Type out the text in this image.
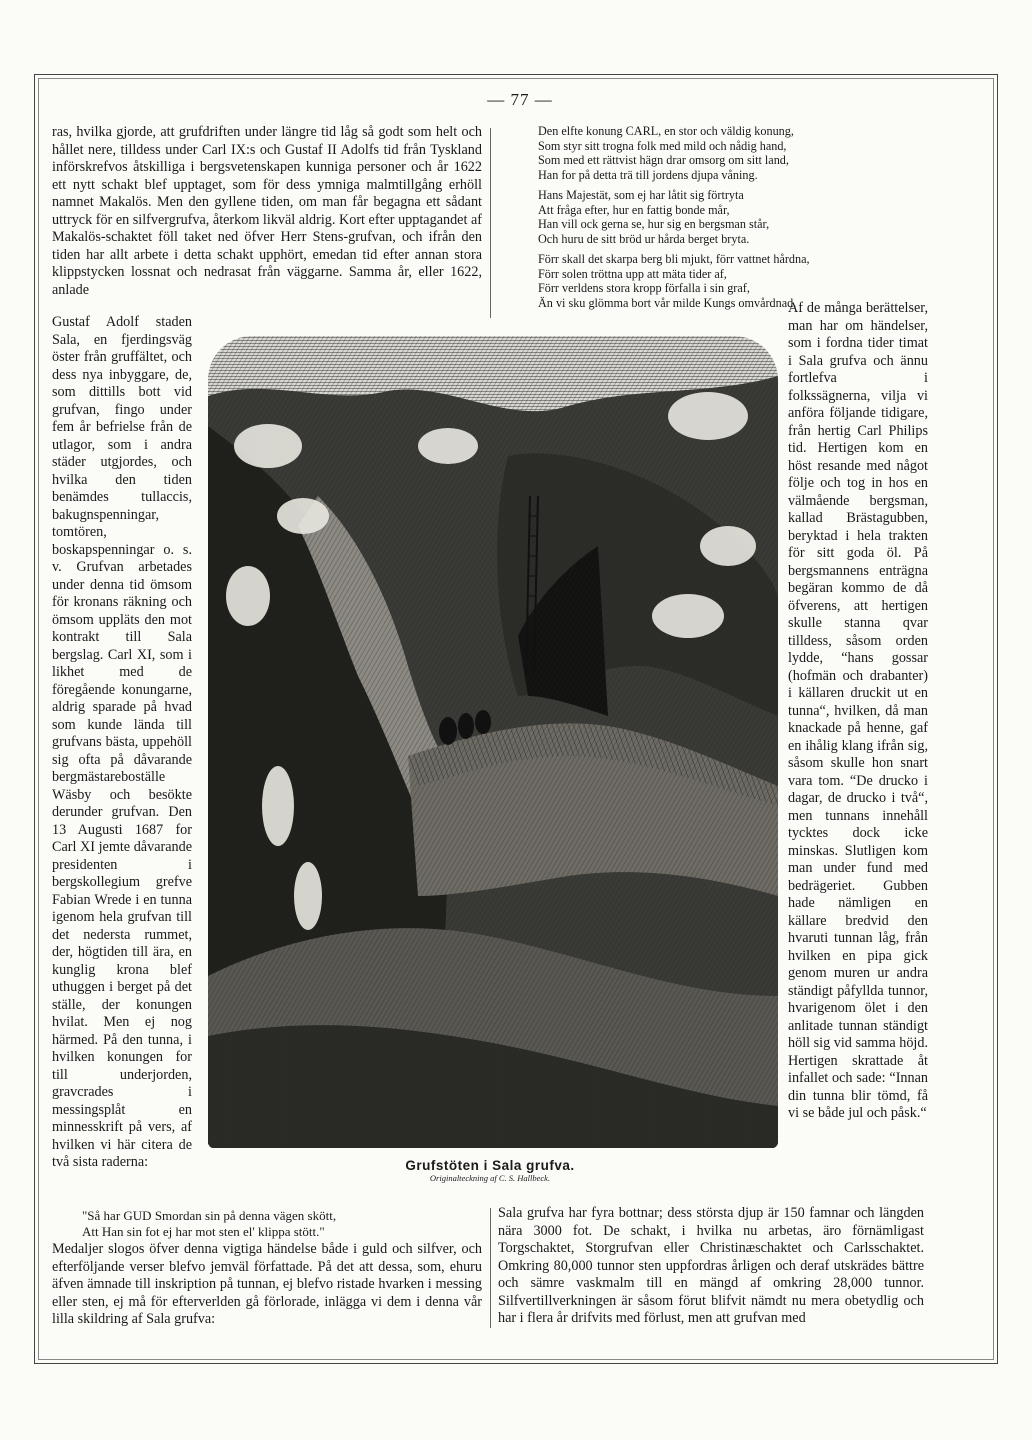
— 77 —
ras, hvilka gjorde, att grufdriften under längre tid låg så godt som helt och hållet nere, tilldess under Carl IX:s och Gustaf II Adolfs tid från Tyskland införskrefvos åtskilliga i bergsvetenskapen kunniga personer och år 1622 ett nytt schakt blef upptaget, som för dess ymniga malmtillgång erhöll namnet Makalös. Men den gyllene tiden, om man får begagna ett sådant uttryck för en silfvergrufva, återkom likväl aldrig. Kort efter upptagandet af Makalös-schaktet föll taket ned öfver Herr Stens-grufvan, och ifrån den tiden har allt arbete i detta schakt upphört, emedan tid efter annan stora klippstycken lossnat och nedrasat från väggarne. Samma år, eller 1622, anlade
Gustaf Adolf staden Sala, en fjerdingsväg öster från gruffältet, och dess nya inbyggare, de, som dittills bott vid grufvan, fingo under fem år befrielse från de utlagor, som i andra städer utgjordes, och hvilka den tiden benämdes tullaccis, bakugnspenningar, tomtören, boskapspenningar o. s. v. Grufvan arbetades under denna tid ömsom för kronans räkning och ömsom uppläts den mot kontrakt till Sala bergslag. Carl XI, som i likhet med de föregående konungarne, aldrig sparade på hvad som kunde lända till grufvans bästa, uppehöll sig ofta på dåvarande bergmästareboställe Wäsby och besökte derunder grufvan. Den 13 Augusti 1687 for Carl XI jemte dåvarande presidenten i bergskollegium grefve Fabian Wrede i en tunna igenom hela grufvan till det nedersta rummet, der, högtiden till ära, en kunglig krona blef uthuggen i berget på det ställe, der konungen hvilat. Men ej nog härmed. På den tunna, i hvilken konungen for till underjorden, gravcrades i messingsplåt en minnesskrift på vers, af hvilken vi här citera de två sista raderna:
Den elfte konung CARL, en stor och väldig konung,
Som styr sitt trogna folk med mild och nådig hand,
Som med ett rättvist hägn drar omsorg om sitt land,
Han for på detta trä till jordens djupa våning.
Hans Majestät, som ej har låtit sig förtryta
Att fråga efter, hur en fattig bonde mår,
Han vill ock gerna se, hur sig en bergsman står,
Och huru de sitt bröd ur hårda berget bryta.
Förr skall det skarpa berg bli mjukt, förr vattnet hårdna,
Förr solen tröttna upp att mäta tider af,
Förr verldens stora kropp förfalla i sin graf,
Än vi sku glömma bort vår milde Kungs omvårdnad.
Af de många berättelser, man har om händelser, som i fordna tider timat i Sala grufva och ännu fortlefva i folkssägnerna, vilja vi anföra följande tidigare, från hertig Carl Philips tid. Hertigen kom en höst resande med något följe och tog in hos en välmående bergsman, kallad Brästagubben, beryktad i hela trakten för sitt goda öl. På bergsmannens enträgna begäran kommo de då öfverens, att hertigen skulle stanna qvar tilldess, såsom orden lydde, “hans gossar (hofmän och drabanter) i källaren druckit ut en tunna“, hvilken, då man knackade på henne, gaf en ihålig klang ifrån sig, såsom skulle hon snart vara tom. “De drucko i dagar, de drucko i två“, men tunnans innehåll tycktes dock icke minskas. Slutligen kom man under fund med bedrägeriet. Gubben hade nämligen en källare bredvid den hvaruti tunnan låg, från hvilken en pipa gick genom muren ur andra ständigt påfyllda tunnor, hvarigenom ölet i den anlitade tunnan ständigt höll sig vid samma höjd. Hertigen skrattade åt infallet och sade: “Innan din tunna blir tömd, få vi se både jul och påsk.“
Grufstöten i Sala grufva.
Originalteckning af C. S. Hallbeck.
"Så har GUD Smordan sin på denna vägen skött,
Att Han sin fot ej har mot sten el' klippa stött."
Medaljer slogos öfver denna vigtiga händelse både i guld och silfver, och efterföljande verser blefvo jemväl författade. På det att dessa, som, ehuru äfven ämnade till inskription på tunnan, ej blefvo ristade hvarken i messing eller sten, ej må för efterverlden gå förlorade, inlägga vi dem i denna vår lilla skildring af Sala grufva:
Sala grufva har fyra bottnar; dess största djup är 150 famnar och längden nära 3000 fot. De schakt, i hvilka nu arbetas, äro förnämligast Torgschaktet, Storgrufvan eller Christinæschaktet och Carlsschaktet. Omkring 80,000 tunnor sten uppfordras årligen och deraf utskrädes bättre och sämre vaskmalm till en mängd af omkring 28,000 tunnor. Silfvertillverkningen är såsom förut blifvit nämdt nu mera obetydlig och har i flera år drifvits med förlust, men att grufvan med
